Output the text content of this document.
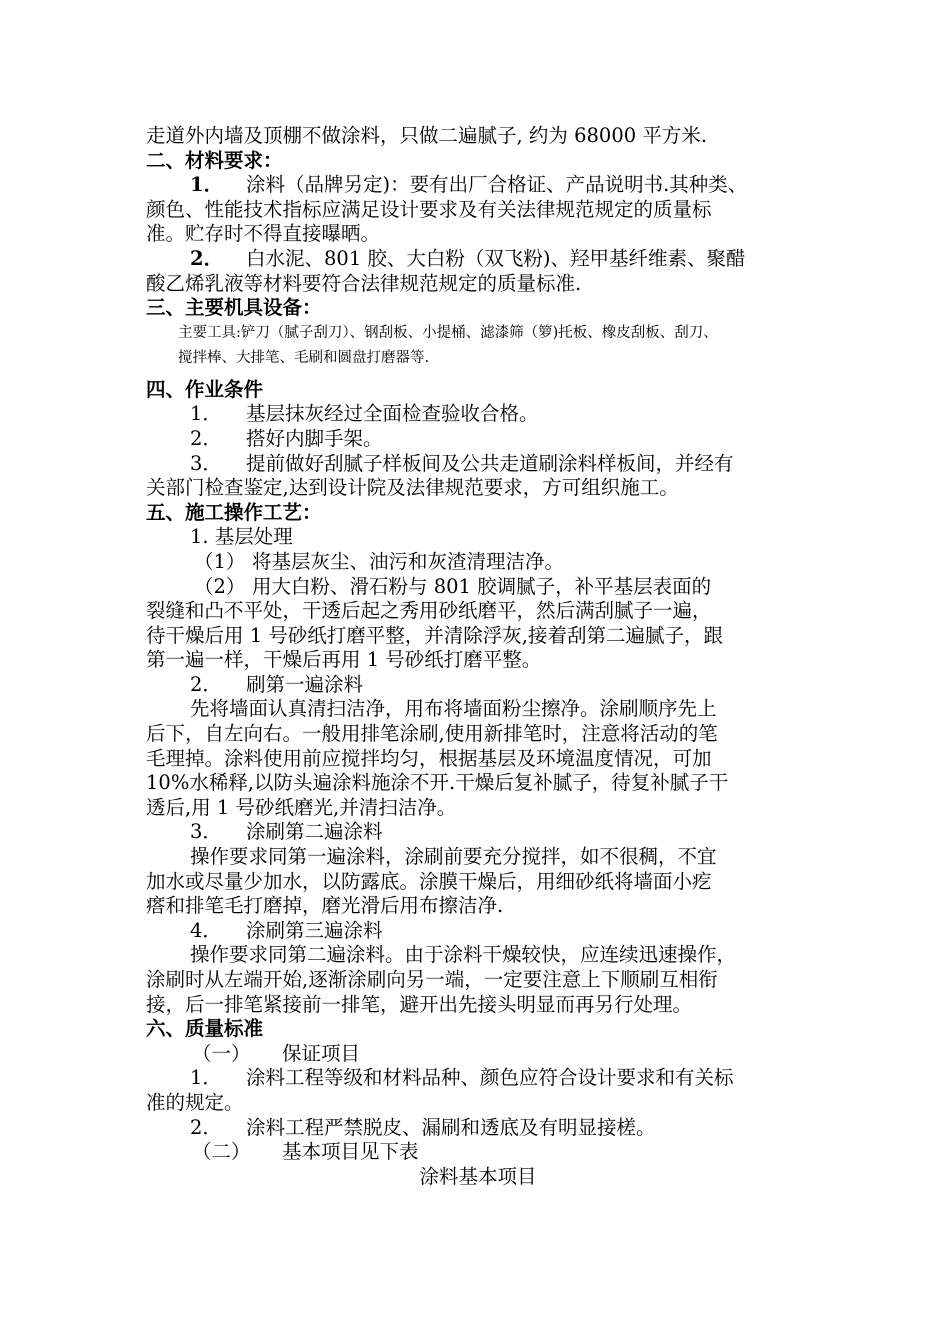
走道外内墙及顶棚不做涂料，只做二遍腻子, 约为 68000 平方米.
二、材料要求：
1． 涂料（品牌另定)：要有出厂合格证、产品说明书.其种类、
颜色、性能技术指标应满足设计要求及有关法律规范规定的质量标
准。贮存时不得直接曝晒。
2． 白水泥、801 胶、大白粉（双飞粉)、羟甲基纤维素、聚醋
酸乙烯乳液等材料要符合法律规范规定的质量标准.
三、主要机具设备：
主要工具:铲刀（腻子刮刀）、钢刮板、小提桶、滤漆筛（箩)托板、橡皮刮板、刮刀、
搅拌棒、大排笔、毛刷和圆盘打磨器等.
四、作业条件
1． 基层抹灰经过全面检查验收合格。
2． 搭好内脚手架。
3． 提前做好刮腻子样板间及公共走道刷涂料样板间，并经有
关部门检查鉴定,达到设计院及法律规范要求，方可组织施工。
五、施工操作工艺：
1. 基层处理
（1） 将基层灰尘、油污和灰渣清理洁净。
（2） 用大白粉、滑石粉与 801 胶调腻子，补平基层表面的
裂缝和凸不平处，干透后起之秀用砂纸磨平，然后满刮腻子一遍，
待干燥后用 1 号砂纸打磨平整，并清除浮灰,接着刮第二遍腻子，跟
第一遍一样，干燥后再用 1 号砂纸打磨平整。
2． 刷第一遍涂料
先将墙面认真清扫洁净，用布将墙面粉尘擦净。涂刷顺序先上
后下，自左向右。一般用排笔涂刷,使用新排笔时，注意将活动的笔
毛理掉。涂料使用前应搅拌均匀，根据基层及环境温度情况，可加
10%水稀释,以防头遍涂料施涂不开.干燥后复补腻子，待复补腻子干
透后,用 1 号砂纸磨光,并清扫洁净。
3． 涂刷第二遍涂料
操作要求同第一遍涂料，涂刷前要充分搅拌，如不很稠，不宜
加水或尽量少加水，以防露底。涂膜干燥后，用细砂纸将墙面小疙
瘩和排笔毛打磨掉，磨光滑后用布擦洁净.
4． 涂刷第三遍涂料
操作要求同第二遍涂料。由于涂料干燥较快，应连续迅速操作，
涂刷时从左端开始,逐渐涂刷向另一端，一定要注意上下顺刷互相衔
接，后一排笔紧接前一排笔，避开出先接头明显而再另行处理。
六、质量标准
（一） 保证项目
1． 涂料工程等级和材料品种、颜色应符合设计要求和有关标
准的规定。
2． 涂料工程严禁脱皮、漏刷和透底及有明显接槎。
（二） 基本项目见下表
涂料基本项目
